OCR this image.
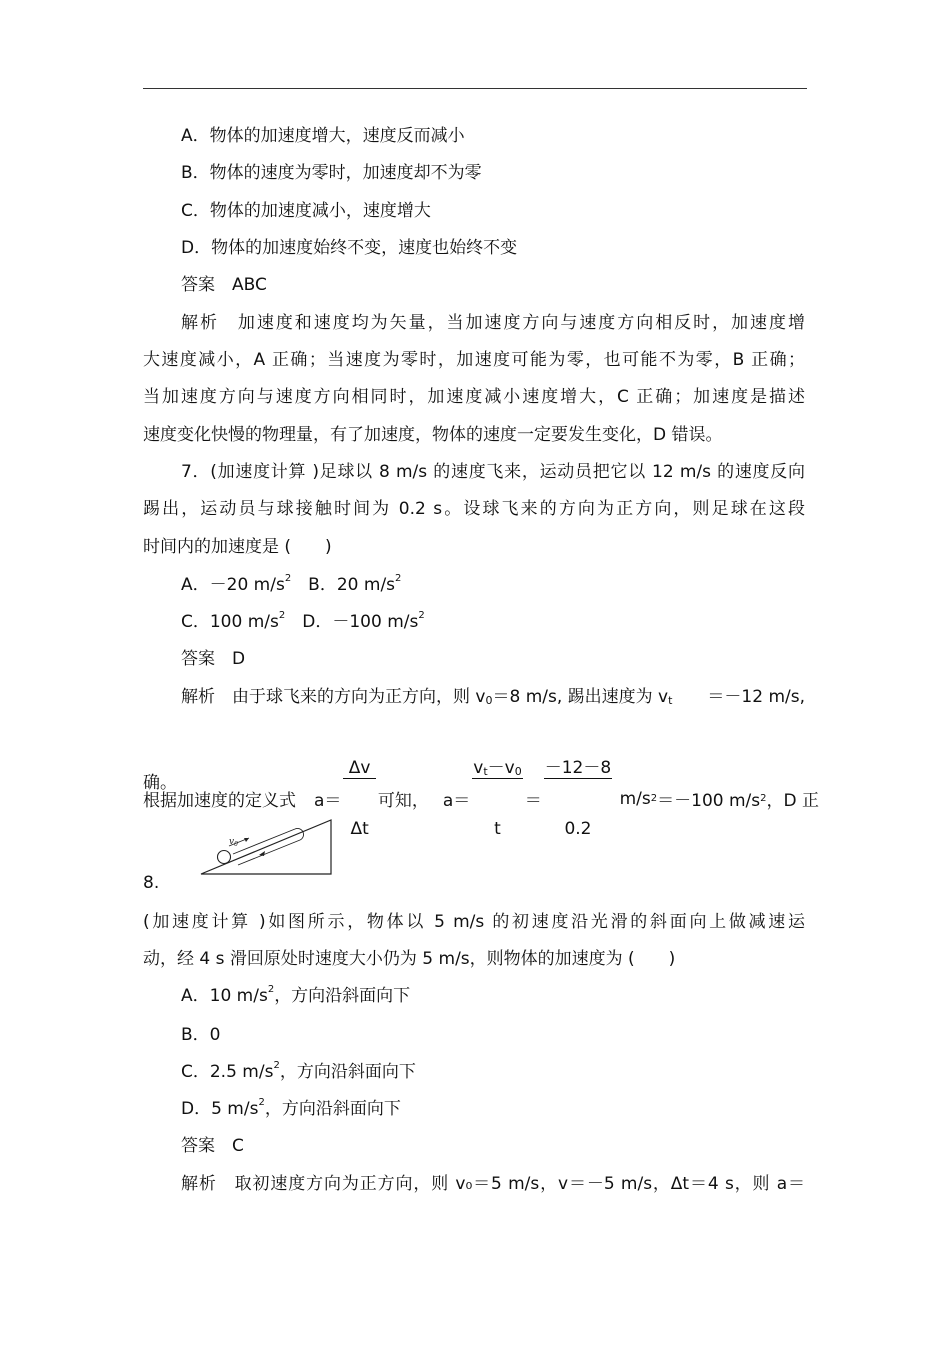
A．物体的加速度增大，速度反而减小
B．物体的速度为零时，加速度却不为零
C．物体的加速度减小，速度增大
D．物体的加速度始终不变，速度也始终不变
答案　ABC
解析　加速度和速度均为矢量，当加速度方向与速度方向相反时，加速度增
大速度减小，A 正确；当速度为零时，加速度可能为零，也可能不为零，B 正确；
当加速度方向与速度方向相同时，加速度减小速度增大，C 正确；加速度是描述
速度变化快慢的物理量，有了加速度，物体的速度一定要发生变化，D 错误。
7．(加速度计算 )足球以 8 m/s 的速度飞来，运动员把它以 12 m/s 的速度反向
踢出，运动员与球接触时间为 0.2 s。设球飞来的方向为正方向，则足球在这段
时间内的加速度是 (　　)
A．－20 $m/s^2$　B．20 $m/s^2$
C．100 $m/s^2$　D．－100 $m/s^2$
答案　D
解析　由于球飞来的方向为正方向，则 $v_0=8$ m/s, 踢出速度为 $v_t =-12$ m/s,
根据加速度的定义式 a＝

$\frac{\Delta v}{\Delta t}$

可知， a＝

$\frac{v_t-v_0}{t}$

＝

$\frac{-12-8}{0.2}$

m/s 2 ＝－100 m/s 2 ，D 正
确。
$v_0$
8.
(加速度计算 )如图所示，物体以 5 m/s 的初速度沿光滑的斜面向上做减速运
动，经 4 s 滑回原处时速度大小仍为 5 m/s，则物体的加速度为 (　　)
A．10 $m/s^2$，方向沿斜面向下
B．0
C．2.5 $m/s^2$，方向沿斜面向下
D．5 $m/s^2$，方向沿斜面向下
答案　C
解析　取初速度方向为正方向，则 v₀＝5 m/s，v＝－5 m/s，Δt＝4 s，则 a＝
